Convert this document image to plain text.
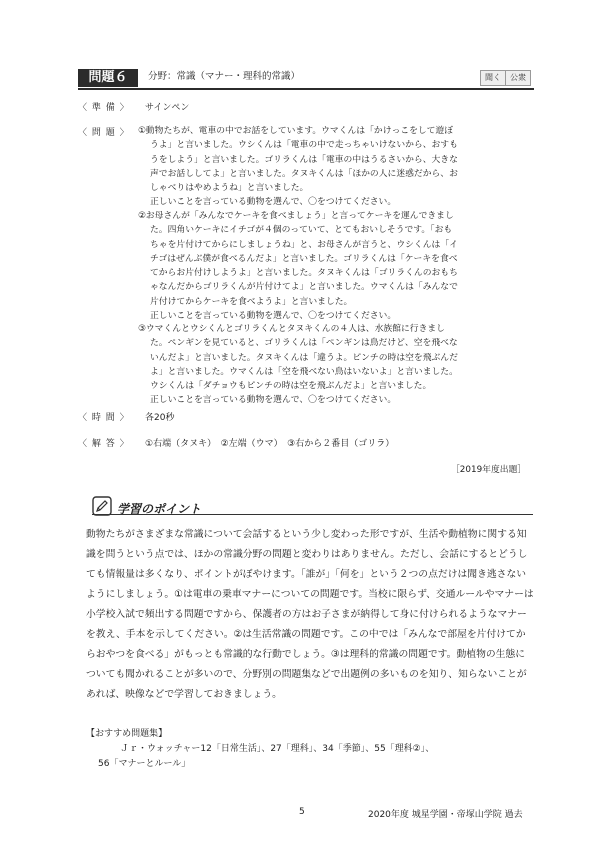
問題６	分野：常識（マナー・理科的常識）	聞く	公衆
〈 準 備 〉 サインペン
〈 問 題 〉 ①動物たちが、電車の中でお話をしています。ウマくんは「かけっこをして遊ぼ
うよ」と言いました。ウシくんは「電車の中で走っちゃいけないから、おすも
うをしよう」と言いました。ゴリラくんは「電車の中はうるさいから、大きな
声でお話ししてよ」と言いました。タヌキくんは「ほかの人に迷惑だから、お
しゃべりはやめようね」と言いました。
正しいことを言っている動物を選んで、〇をつけてください。
②お母さんが「みんなでケーキを食べましょう」と言ってケーキを運んできまし
た。四角いケーキにイチゴが４個のっていて、とてもおいしそうです。「おも
ちゃを片付けてからにしましょうね」と、お母さんが言うと、ウシくんは「イ
チゴはぜんぶ僕が食べるんだよ」と言いました。ゴリラくんは「ケーキを食べ
てからお片付けしようよ」と言いました。タヌキくんは「ゴリラくんのおもち
ゃなんだからゴリラくんが片付けてよ」と言いました。ウマくんは「みんなで
片付けてからケーキを食べようよ」と言いました。
正しいことを言っている動物を選んで、〇をつけてください。
③ウマくんとウシくんとゴリラくんとタヌキくんの４人は、水族館に行きまし
た。ペンギンを見ていると、ゴリラくんは「ペンギンは鳥だけど、空を飛べな
いんだよ」と言いました。タヌキくんは「違うよ。ピンチの時は空を飛ぶんだ
よ」と言いました。ウマくんは「空を飛べない鳥はいないよ」と言いました。
ウシくんは「ダチョウもピンチの時は空を飛ぶんだよ」と言いました。
正しいことを言っている動物を選んで、〇をつけてください。
〈 時 間 〉 各20秒
〈 解 答 〉 ①右端（タヌキ）　②左端（ウマ）　③右から２番目（ゴリラ）
［2019年度出題］
学習のポイント
動物たちがさまざまな常識について会話するという少し変わった形ですが、生活や動植物に関する知識を問うという点では、ほかの常識分野の問題と変わりはありません。ただし、会話にするとどうしても情報量は多くなり、ポイントがぼやけます。「誰が」「何を」という２つの点だけは聞き逃さないようにしましょう。①は電車の乗車マナーについての問題です。当校に限らず、交通ルールやマナーは小学校入試で頻出する問題ですから、保護者の方はお子さまが納得して身に付けられるようなマナーを教え、手本を示してください。②は生活常識の問題です。この中では「みんなで部屋を片付けてからおやつを食べる」がもっとも常識的な行動でしょう。③は理科的常識の問題です。動植物の生態についても聞かれることが多いので、分野別の問題集などで出題例の多いものを知り、知らないことがあれば、映像などで学習しておきましょう。
【おすすめ問題集】
Ｊｒ・ウォッチャー12「日常生活」、27「理科」、34「季節」、55「理科②」、
56「マナーとルール」
5	2020年度 城星学園・帝塚山学院 過去
